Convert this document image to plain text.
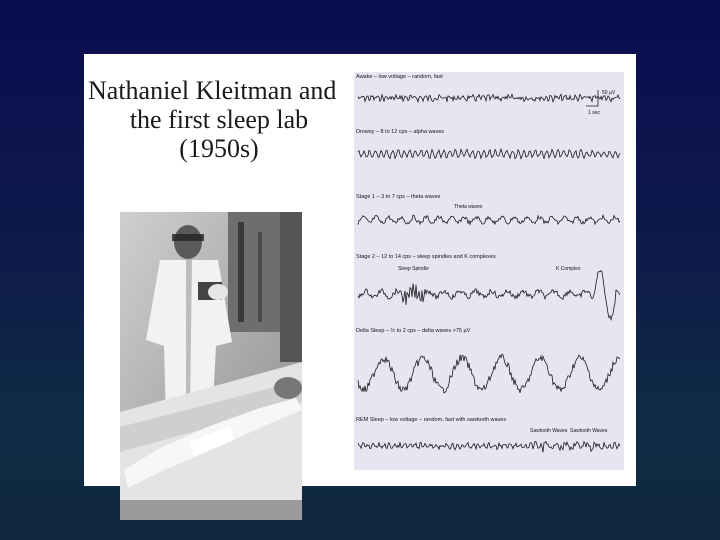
Nathaniel Kleitman and
the first sleep lab
(1950s)
Awake – low voltage – random, fast
Drowsy – 8 to 12 cps – alpha waves
Stage 1 – 3 to 7 cps – theta waves
Stage 2 – 12 to 14 cps – sleep spindles and K complexes
Delta Sleep – ½ to 2 cps – delta waves >75 µV
REM Sleep – low voltage – random, fast with sawtooth waves
50 µV
1 sec
Theta waves
Sleep Spindle	K Complex
Sawtooth Waves Sawtooth Waves
